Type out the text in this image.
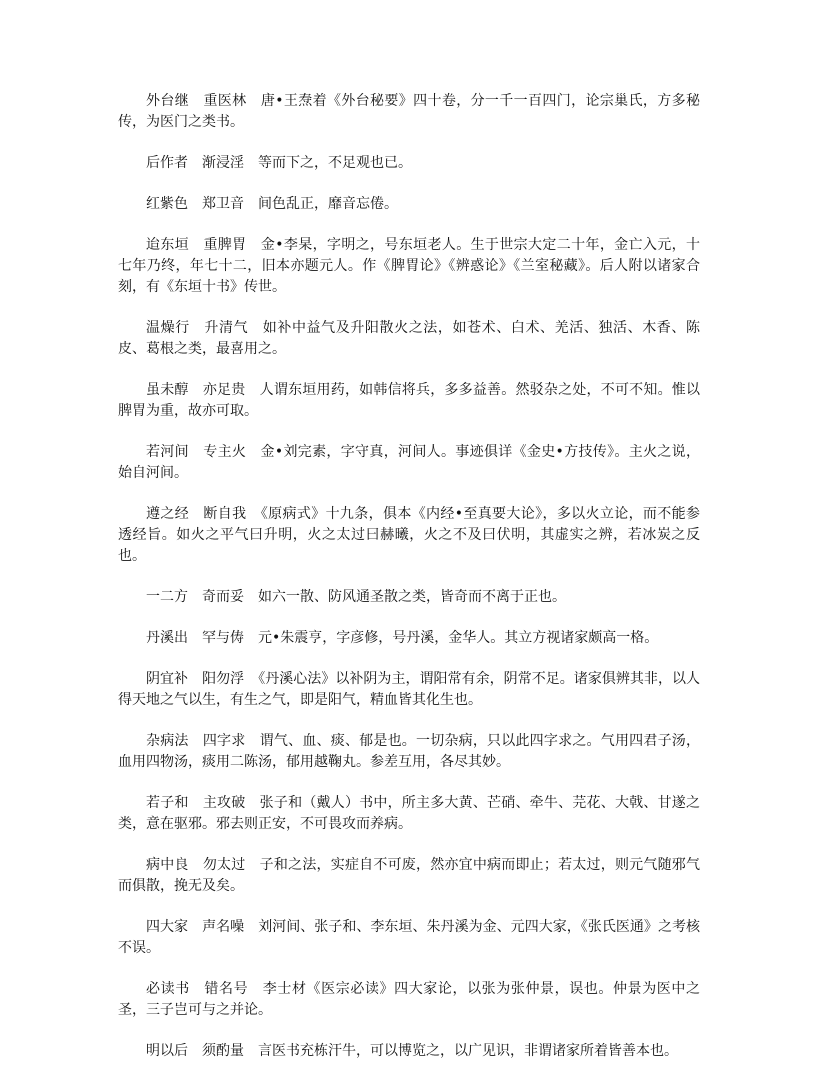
外台继　重医林　唐•王焘着《外台秘要》四十卷，分一千一百四门，论宗巢氏，方多秘传，为医门之类书。

后作者　渐浸淫　等而下之，不足观也已。

红紫色　郑卫音　间色乱正，靡音忘倦。

迨东垣　重脾胃　金•李杲，字明之，号东垣老人。生于世宗大定二十年，金亡入元，十七年乃终，年七十二，旧本亦题元人。作《脾胃论》《辨惑论》《兰室秘藏》。后人附以诸家合刻，有《东垣十书》传世。

温燥行　升清气　如补中益气及升阳散火之法，如苍术、白术、羌活、独活、木香、陈皮、葛根之类，最喜用之。

虽未醇　亦足贵　人谓东垣用药，如韩信将兵，多多益善。然驳杂之处，不可不知。惟以脾胃为重，故亦可取。

若河间　专主火　金•刘完素，字守真，河间人。事迹俱详《金史•方技传》。主火之说，始自河间。

遵之经　断自我　《原病式》十九条，俱本《内经•至真要大论》，多以火立论，而不能参透经旨。如火之平气曰升明，火之太过曰赫曦，火之不及曰伏明，其虚实之辨，若冰炭之反也。

一二方　奇而妥　如六一散、防风通圣散之类，皆奇而不离于正也。

丹溪出　罕与俦　元•朱震亨，字彦修，号丹溪，金华人。其立方视诸家颇高一格。

阴宜补　阳勿浮　《丹溪心法》以补阴为主，谓阳常有余，阴常不足。诸家俱辨其非，以人得天地之气以生，有生之气，即是阳气，精血皆其化生也。

杂病法　四字求　谓气、血、痰、郁是也。一切杂病，只以此四字求之。气用四君子汤，血用四物汤，痰用二陈汤，郁用越鞠丸。参差互用，各尽其妙。

若子和　主攻破　张子和（戴人）书中，所主多大黄、芒硝、牵牛、芫花、大戟、甘遂之类，意在驱邪。邪去则正安，不可畏攻而养病。

病中良　勿太过　子和之法，实症自不可废，然亦宜中病而即止；若太过，则元气随邪气而俱散，挽无及矣。

四大家　声名噪　刘河间、张子和、李东垣、朱丹溪为金、元四大家，《张氏医通》之考核不误。

必读书　错名号　李士材《医宗必读》四大家论，以张为张仲景，误也。仲景为医中之圣，三子岂可与之并论。

明以后　须酌量　言医书充栋汗牛，可以博览之，以广见识，非谓诸家所着皆善本也。
